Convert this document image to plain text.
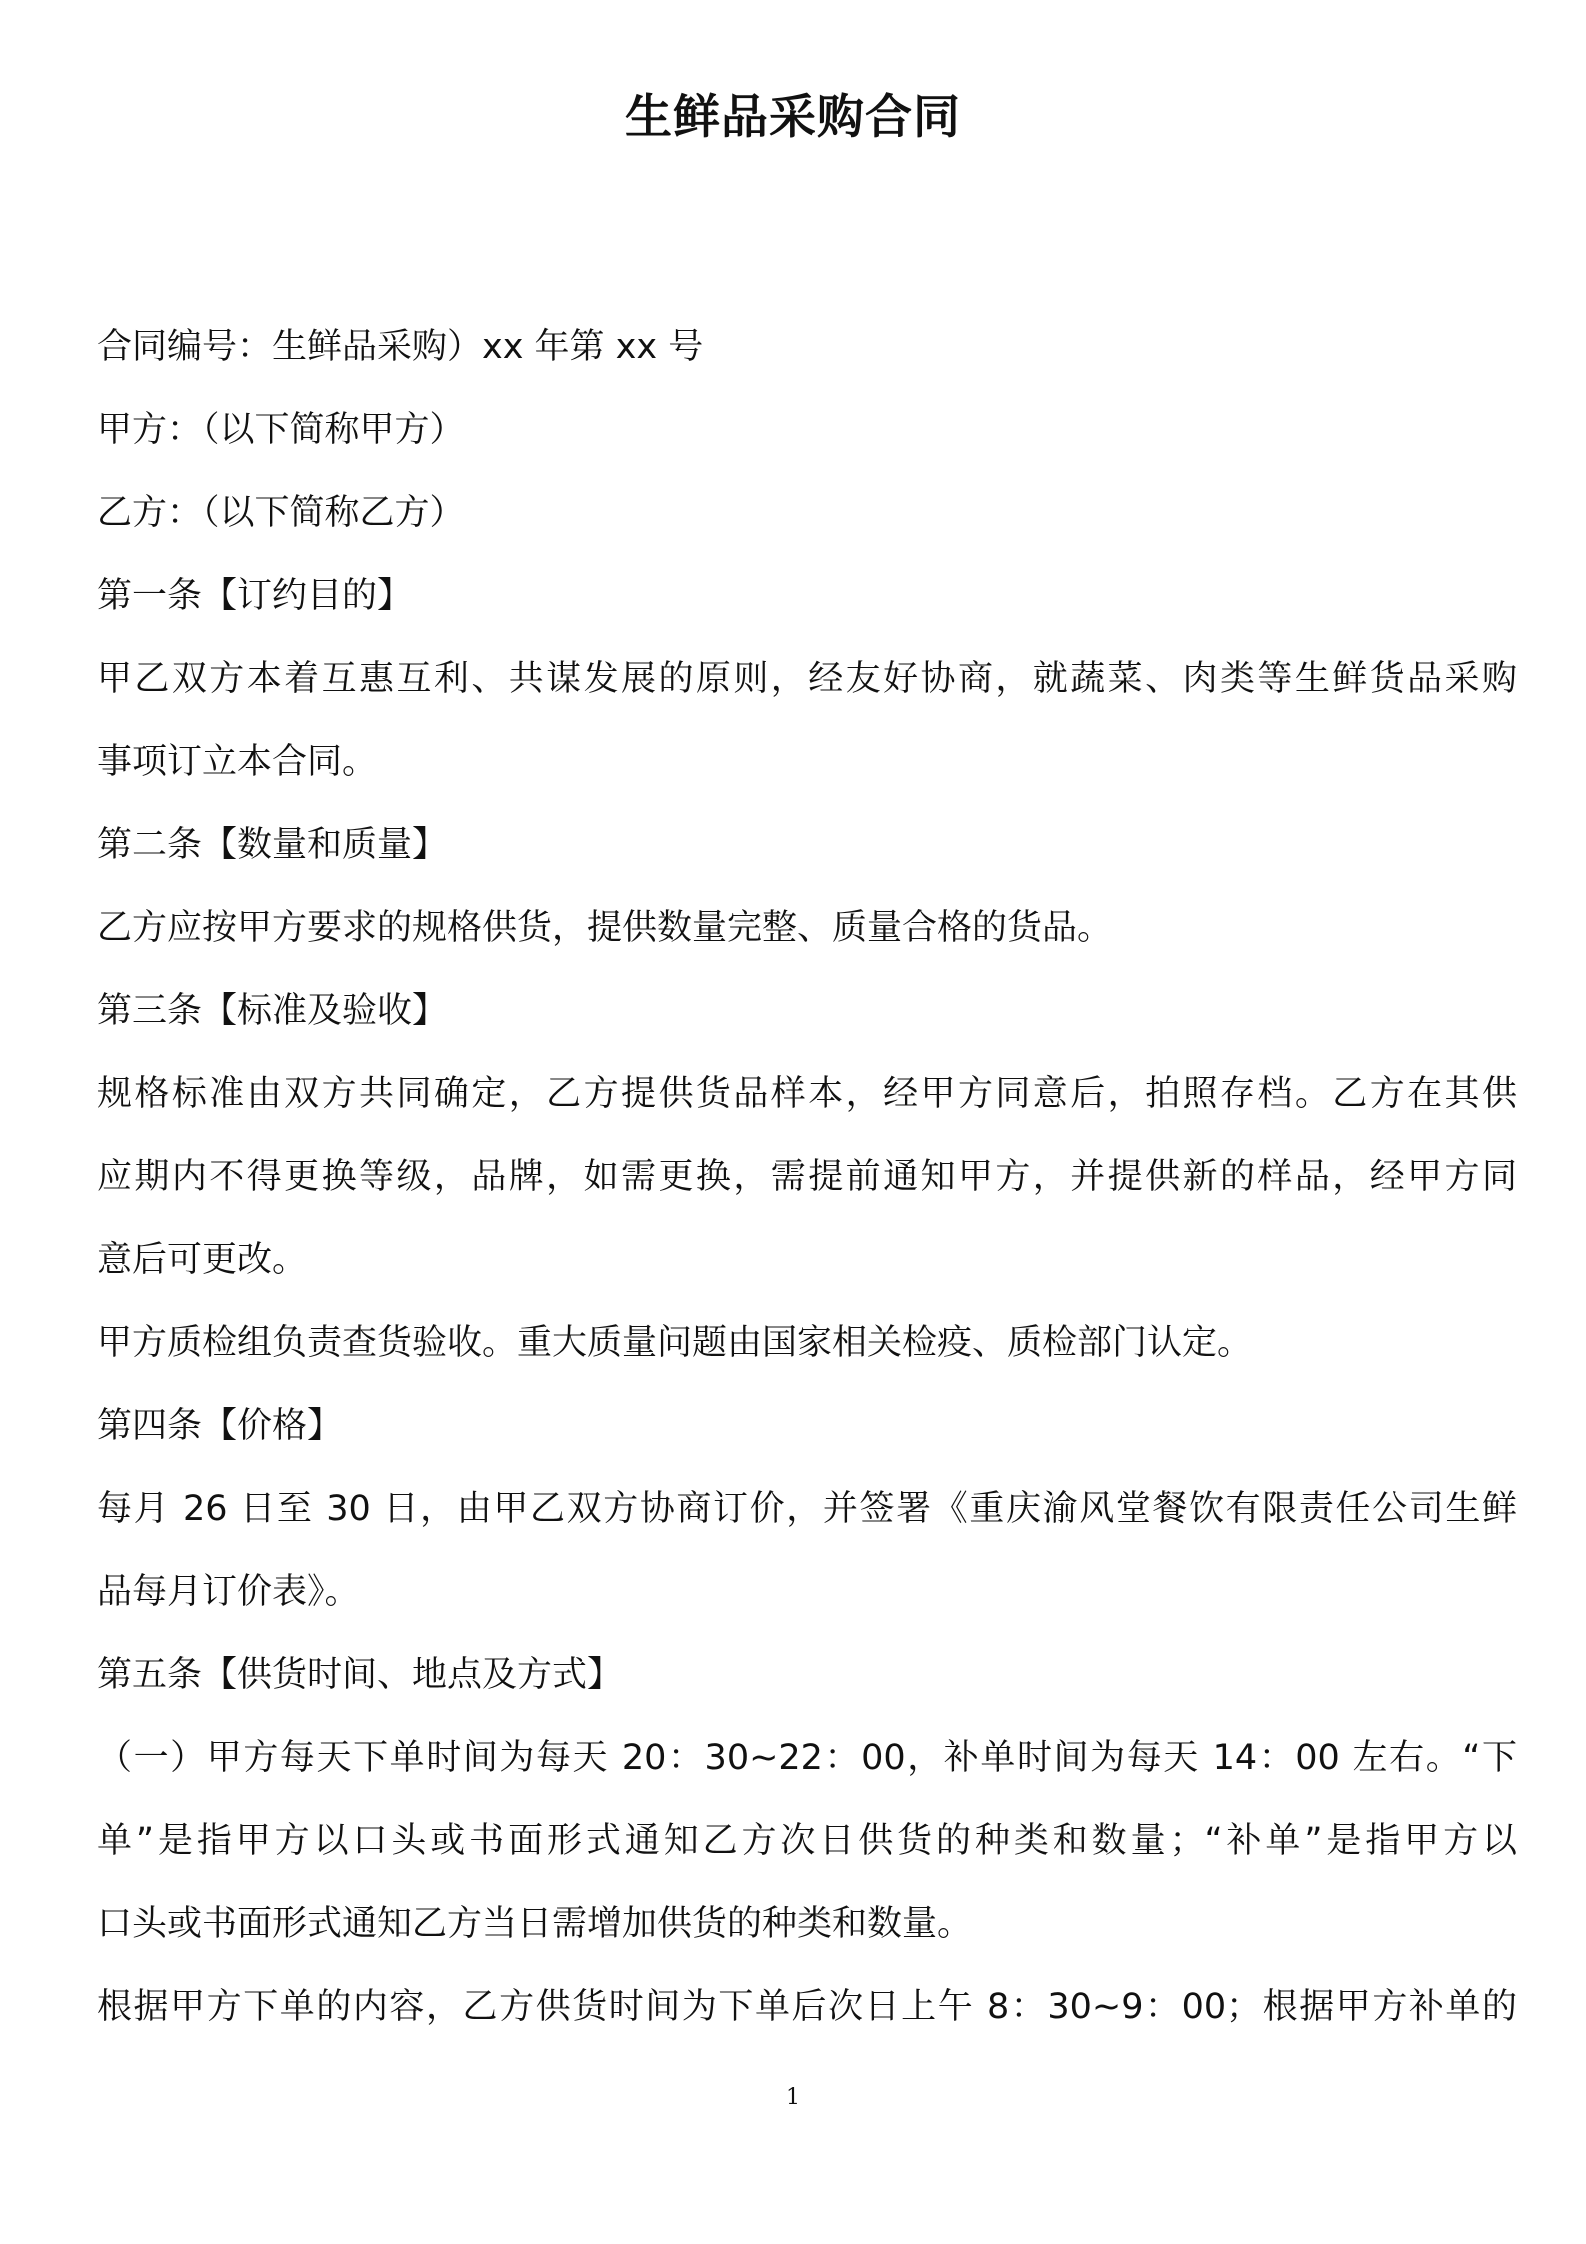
生鲜品采购合同
合同编号：生鲜品采购）xx 年第 xx 号
甲方：（以下简称甲方）
乙方：（以下简称乙方）
第一条【订约目的】
甲乙双方本着互惠互利、共谋发展的原则，经友好协商，就蔬菜、肉类等生鲜货品采购
事项订立本合同。
第二条【数量和质量】
乙方应按甲方要求的规格供货，提供数量完整、质量合格的货品。
第三条【标准及验收】
规格标准由双方共同确定，乙方提供货品样本，经甲方同意后，拍照存档。乙方在其供
应期内不得更换等级，品牌，如需更换，需提前通知甲方，并提供新的样品，经甲方同
意后可更改。
甲方质检组负责查货验收。重大质量问题由国家相关检疫、质检部门认定。
第四条【价格】
每月 26 日至 30 日，由甲乙双方协商订价，并签署《重庆渝风堂餐饮有限责任公司生鲜
品每月订价表》。
第五条【供货时间、地点及方式】
（一）甲方每天下单时间为每天 20：30~22：00，补单时间为每天 14：00 左右。“下
单”是指甲方以口头或书面形式通知乙方次日供货的种类和数量；“补单”是指甲方以
口头或书面形式通知乙方当日需增加供货的种类和数量。
根据甲方下单的内容，乙方供货时间为下单后次日上午 8：30~9：00；根据甲方补单的
1
